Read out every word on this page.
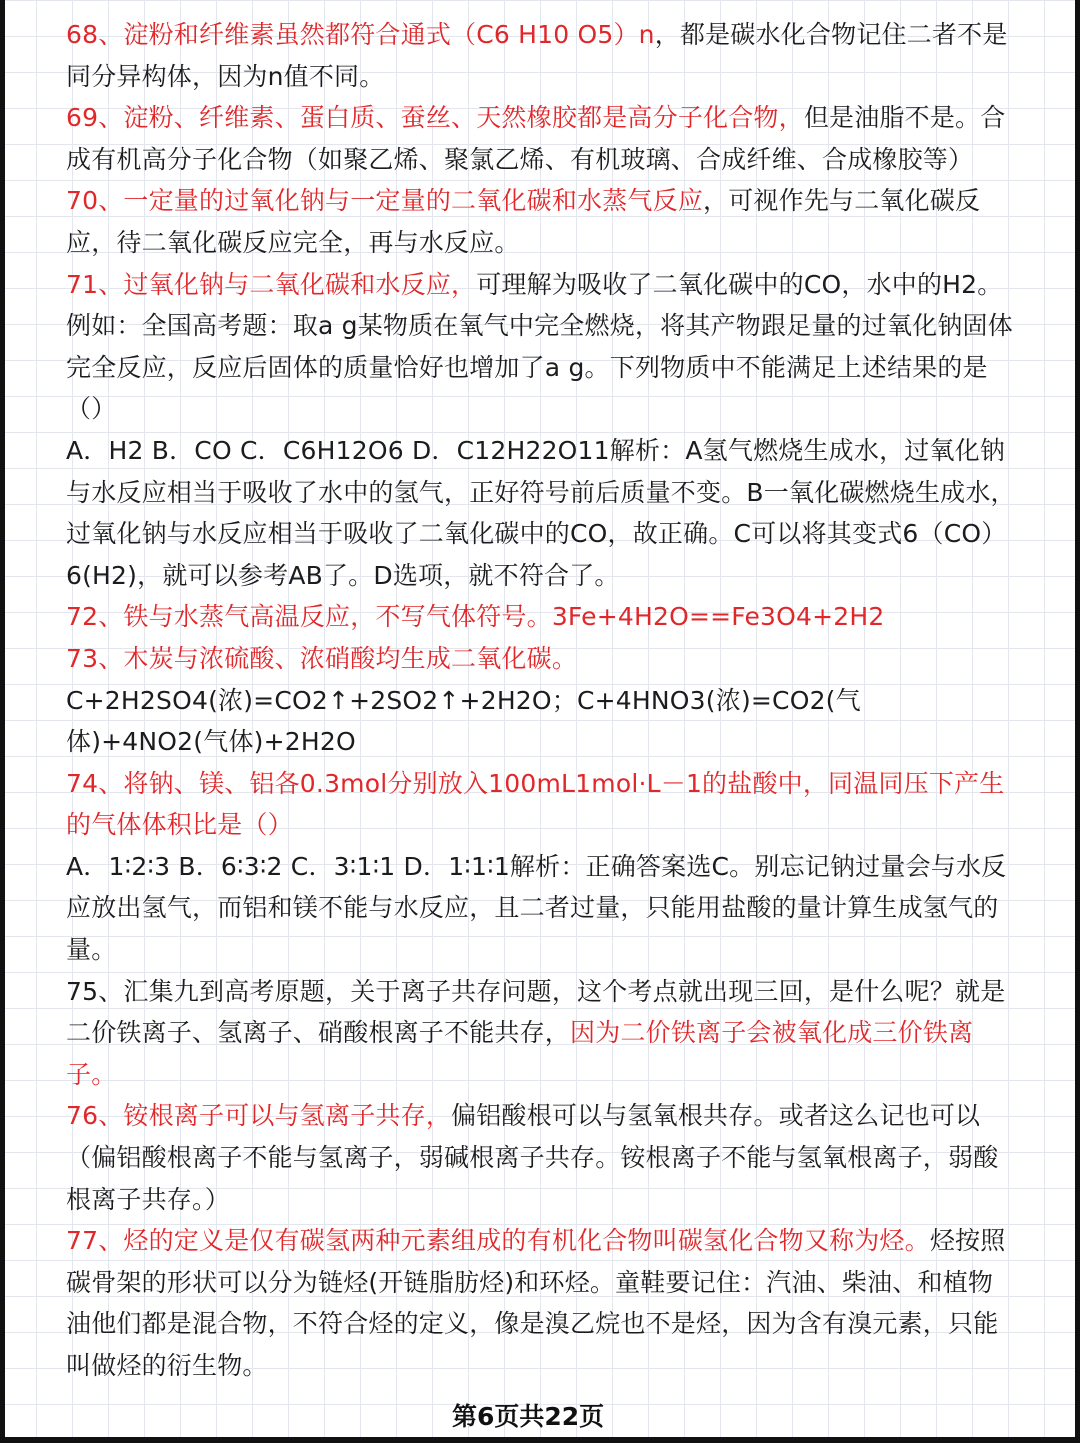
68、淀粉和纤维素虽然都符合通式（C6 H10 O5）n，都是碳水化合物记住二者不是同分异构体，因为n值不同。

69、淀粉、纤维素、蛋白质、蚕丝、天然橡胶都是高分子化合物，但是油脂不是。合成有机高分子化合物（如聚乙烯、聚氯乙烯、有机玻璃、合成纤维、合成橡胶等）

70、一定量的过氧化钠与一定量的二氧化碳和水蒸气反应，可视作先与二氧化碳反应，待二氧化碳反应完全，再与水反应。

71、过氧化钠与二氧化碳和水反应，可理解为吸收了二氧化碳中的CO，水中的H2。例如：全国高考题：取a g某物质在氧气中完全燃烧，将其产物跟足量的过氧化钠固体完全反应，反应后固体的质量恰好也增加了a g。下列物质中不能满足上述结果的是（）

A．H2 B．CO C．C6H12O6 D．C12H22O11解析：A氢气燃烧生成水，过氧化钠与水反应相当于吸收了水中的氢气，正好符号前后质量不变。B一氧化碳燃烧生成水，过氧化钠与水反应相当于吸收了二氧化碳中的CO，故正确。C可以将其变式6（CO）6(H2)，就可以参考AB了。D选项，就不符合了。

72、铁与水蒸气高温反应，不写气体符号。3Fe+4H2O==Fe3O4+2H2

73、木炭与浓硫酸、浓硝酸均生成二氧化碳。

C+2H2SO4(浓)=CO2↑+2SO2↑+2H2O；C+4HNO3(浓)=CO2(气体)+4NO2(气体)+2H2O

74、将钠、镁、铝各0.3mol分别放入100mL1mol·L－1的盐酸中，同温同压下产生的气体体积比是（）

A．1∶2∶3 B．6∶3∶2 C．3∶1∶1 D．1∶1∶1解析：正确答案选C。别忘记钠过量会与水反应放出氢气，而铝和镁不能与水反应，且二者过量，只能用盐酸的量计算生成氢气的量。

75、汇集九到高考原题，关于离子共存问题，这个考点就出现三回，是什么呢？就是二价铁离子、氢离子、硝酸根离子不能共存，因为二价铁离子会被氧化成三价铁离子。

76、铵根离子可以与氢离子共存，偏铝酸根可以与氢氧根共存。或者这么记也可以（偏铝酸根离子不能与氢离子，弱碱根离子共存。铵根离子不能与氢氧根离子，弱酸根离子共存。）

77、烃的定义是仅有碳氢两种元素组成的有机化合物叫碳氢化合物又称为烃。烃按照碳骨架的形状可以分为链烃(开链脂肪烃)和环烃。童鞋要记住：汽油、柴油、和植物油他们都是混合物，不符合烃的定义，像是溴乙烷也不是烃，因为含有溴元素，只能叫做烃的衍生物。

第6页共22页
